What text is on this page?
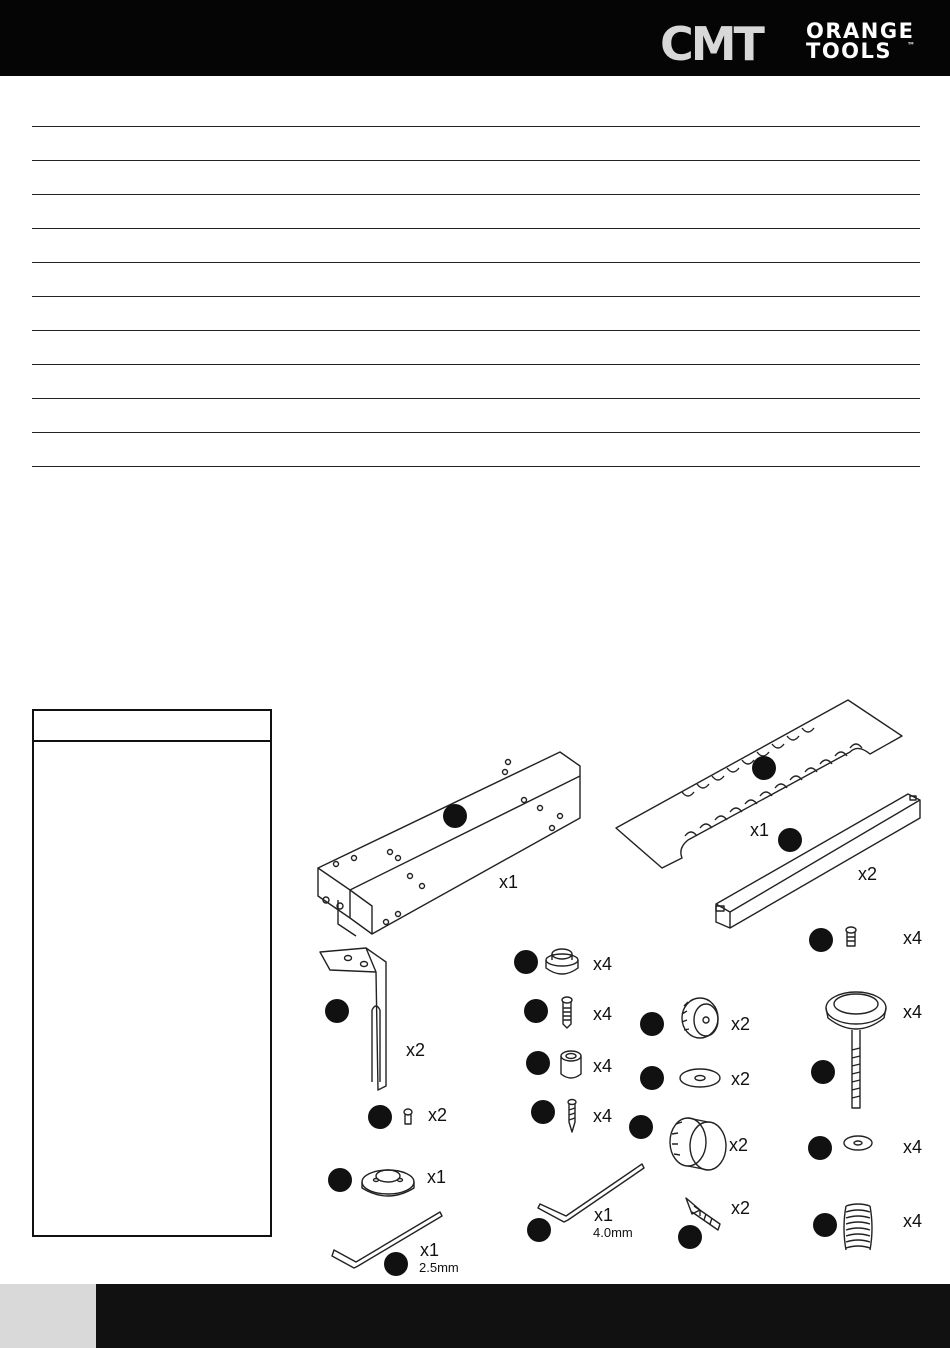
CMT ORANGE
TOOLS ™
x1
x1
x2
x4
x4
x4
x2
x2
x4
x4
x2
x2	x4
x2	x4
x1
x1
4.0mm
x2
x4
x1
2.5mm
